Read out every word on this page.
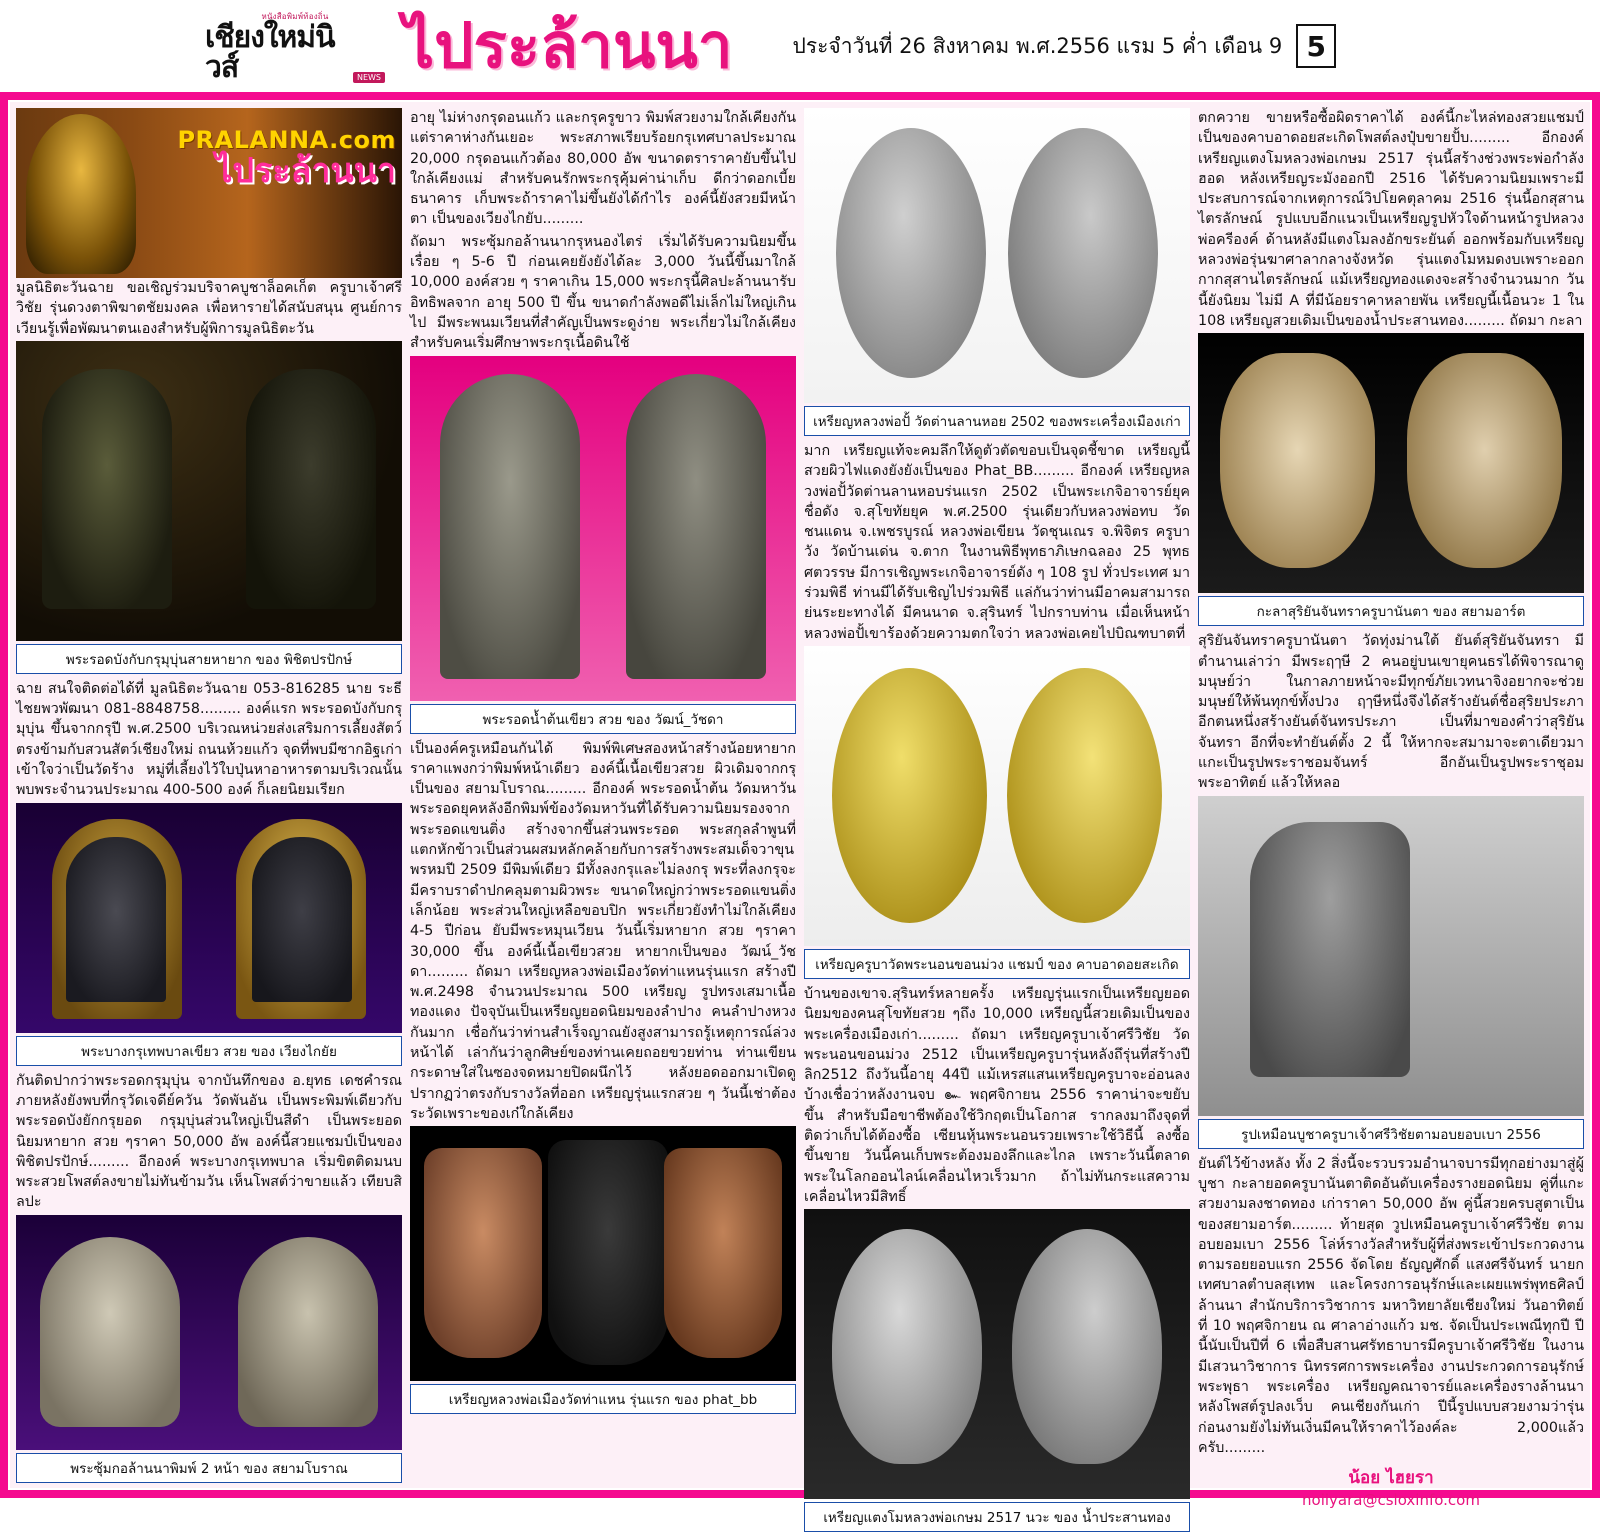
หนังสือพิมพ์ท้องถิ่น
เชียงใหม่นิวส์	NEWS ไประล้านนา	ประจำวันที่ 26 สิงหาคม พ.ศ.2556 แรม 5 ค่ำ เดือน 9 5
PRALANNA.com
ไประล้านนา

มูลนิธิตะวันฉาย ขอเชิญร่วมบริจาคบูชาล็อคเก็ต ครูบาเจ้าศรีวิชัย รุ่นดวงตาพิฆาตชัยมงคล เพื่อหารายได้สนับสนุน ศูนย์การเวียนรู้เพื่อพัฒนาตนเองสำหรับผู้พิการมูลนิธิตะวัน

พระรอดบังกับกรุมุบุ่นสายหายาก ของ พิชิตปรปักษ์

ฉาย สนใจติดต่อได้ที่ มูลนิธิตะวันฉาย 053-816285 นาย ระธี ไชยพวพัฒนา 081-8848758......... องค์แรก พระรอดบังกับกรุมุบุ่น ขึ้นจากกรุปี พ.ศ.2500 บริเวณหน่วยส่งเสริมการเลี้ยงสัตว์ ตรงข้ามกับสวนสัตว์เชียงใหม่ ถนนห้วยแก้ว จุดที่พบมีซากอิฐเก่าเข้าใจว่าเป็นวัดร้าง หมู่ที่เลี้ยงไว้ใบปุ่นหาอาหารตามบริเวณนั้นพบพระจำนวนประมาณ 400-500 องค์ ก็เลยนิยมเรียก

พระบางกรุเทพบาลเขียว สวย ของ เวียงไกยัย

กันติดปากว่าพระรอดกรุมุบุ่น จากบันทึกของ อ.ยุทธ เดชคำรณ ภายหลังยังพบที่กรุวัดเจดีย์ควัน วัดพันอัน เป็นพระพิมพ์เดียวกับพระรอดบังยักกรุยอด กรุมุบุ่นส่วนใหญ่เป็นสีดำ เป็นพระยอดนิยมหายาก สวย ๆราคา 50,000 อัพ องค์นี้สวยแชมป์เป็นของพิชิตปรปักษ์......... อีกองค์ พระบางกรุเทพบาล เริ่มขิตติดมนบพระสวยโพสต์ลงขายไม่ทันข้ามวัน เห็นโพสต์ว่าขายแล้ว เทียบสิลปะ

พระซุ้มกอล้านนาพิมพ์ 2 หน้า ของ สยามโบราณ

อายุ ไม่ห่างกรุดอนแก้ว และกรุครูขาว พิมพ์สวยงามใกล้เคียงกัน แต่ราคาห่างกันเยอะ พระสภาพเรียบร้อยกรุเทศบาลประมาณ 20,000 กรุดอนแก้วต้อง 80,000 อัพ ขนาดตราราคายับขึ้นไปใกล้เคียงแม่ สำหรับคนรักพระกรุคุ้มค่าน่าเก็บ ดีกว่าดอกเบี้ยธนาคาร เก็บพระถ้าราคาไม่ขึ้นยังได้กำไร องค์นี้ยังสวยมีหน้าตา เป็นของเวียงไกยับ.........

ถัดมา พระซุ้มกอล้านนากรุหนองไตร่ เริ่มได้รับความนิยมขึ้นเรื่อย ๆ 5-6 ปี ก่อนเคยยังยังได้ละ 3,000 วันนี้ขึ้นมาใกล้ 10,000 องค์สวย ๆ ราคาเกิน 15,000 พระกรุนี้ศิลปะล้านนารับอิทธิพลจาก อายุ 500 ปี ขึ้น ขนาดกำลังพอดีไม่เล็กไม่ใหญ่เกินไป มีพระพนมเวียนที่สำคัญเป็นพระดูง่าย พระเกี่ยวไม่ใกล้เคียง สำหรับคนเริ่มศึกษาพระกรุเนื้อดินใช้

พระรอดน้ำต้นเขียว สวย ของ วัฒน์_วัชดา

เป็นองค์ครูเหมือนกันได้ พิมพ์พิเศษสองหน้าสร้างน้อยหายาก ราคาแพงกว่าพิมพ์หน้าเดียว องค์นี้เนื้อเขียวสวย ผิวเดิมจากกรุเป็นของ สยามโบราณ......... อีกองค์ พระรอดน้ำต้น วัดมหาวัน พระรอดยุคหลังอีกพิมพ์ข้องวัดมหาวันที่ได้รับความนิยมรองจากพระรอดแขนติ่ง สร้างจากขึ้นส่วนพระรอด พระสกุลลำพูนที่แตกหักข้าวเป็นส่วนผสมหลักคล้ายกับการสร้างพระสมเด็จวาขุนพรหมปี 2509 มีพิมพ์เดียว มีทั้งลงกรุและไม่ลงกรุ พระที่ลงกรุจะมีคราบราดำปกคลุมตามผิวพระ ขนาดใหญ่กว่าพระรอดแขนติ่งเล็กน้อย พระส่วนใหญ่เหลือขอบปิก พระเกี่ยวยังทำไม่ใกล้เคียง 4-5 ปีก่อน ยับมีพระหมุนเวียน วันนี้เริ่มหายาก สวย ๆราคา 30,000 ขึ้น องค์นี้เนื้อเขียวสวย หายากเป็นของ วัฒน์_วัชดา......... ถัดมา เหรียญหลวงพ่อเมืองวัดท่าแหนรุ่นแรก สร้างปี พ.ศ.2498 จำนวนประมาณ 500 เหรียญ รูปทรงเสมาเนื้อทองแดง ปัจจุบันเป็นเหรียญยอดนิยมของลำปาง คนลำปางหวงกันมาก เชื่อกันว่าท่านสำเร็จญาณยังสูงสามารถรู้เหตุการณ์ล่วงหน้าได้ เล่ากันว่าลูกศิษย์ของท่านเคยถอยขวยท่าน ท่านเขียนกระดาษใส่ในซองจดหมายปิดผนึกไว้ หลังยอดออกมาเปิดดูปรากฏว่าตรงกับรางวัลที่ออก เหรียญรุ่นแรกสวย ๆ วันนี้เช่าต้องระวัดเพราะของเก๋ใกล้เคียง

เหรียญหลวงพ่อเมืองวัดท่าแหน รุ่นแรก ของ phat_bb

เหรียญหลวงพ่อปั้ วัดต่านลานหอย 2502 ของพระเครื่องเมืองเก่า

มาก เหรียญแท้จะคมลึกให้ดูตัวตัดขอบเป็นจุดชี้ขาด เหรียญนี้สวยผิวไฟแดงยังยังเป็นของ Phat_BB......... อีกองค์ เหรียญหลวงพ่อปั้วัดต่านลานหอบร่นแรก 2502 เป็นพระเกจิอาจารย์ยุค ชื่อดัง จ.สุโขทัยยุค พ.ศ.2500 รุ่นเดียวกับหลวงพ่อทบ วัดชนแดน จ.เพชรบูรณ์ หลวงพ่อเขียน วัดชุนเณร จ.พิจิตร ครูบาวัง วัดบ้านเด่น จ.ตาก ในงานพิธีพุทธาภิเษกฉลอง 25 พุทธศตวรรษ มีการเชิญพระเกจิอาจารย์ดัง ๆ 108 รูป ทั่วประเทศ มาร่วมพิธี ท่านมีได้รับเชิญไปร่วมพิธี แล่กันว่าท่านมีอาคมสามารถย่นระยะทางได้ มีคนนาด จ.สุรินทร์ ไปกราบท่าน เมื่อเห็นหน้าหลวงพ่อปั้เขาร้องด้วยความตกใจว่า หลวงพ่อเคยไปบิณฑบาตที่

เหรียญครูบาวัดพระนอนขอนม่วง แชมป์ ของ คาบอาดอยสะเกิด

บ้านของเขาจ.สุรินทร์หลายครั้ง เหรียญรุ่นแรกเป็นเหรียญยอดนิยมของคนสุโขทัยสวย ๆถึง 10,000 เหรียญนี้สวยเดิมเป็นของพระเครื่องเมืองเก่า......... ถัดมา เหรียญครูบาเจ้าศรีวิชัย วัดพระนอนขอนม่วง 2512 เป็นเหรียญครูบารุ่นหลังถึรุ่นที่สร้างปีลิก2512 ถึงวันนี้อายุ 44ปี แม้เหรสแสนเหรียญครูบาจะอ่อนลงบ้างเชื่อว่าหลังงานจบ ๛ พฤศจิกายน 2556 ราคาน่าจะขยับขึ้น สำหรับมือขาชีพต้องใช้วิกฤตเป็นโอกาส รากลงมาถึงจุดที่ติดว่าเก็บได้ต้องซื้อ เซียนหุ้นพระนอนรวยเพราะใช้วิธีนี้ ลงซื้อ ขึ้นขาย วันนี้คนเก็บพระต้องมองลึกและไกล เพราะวันนี้ตลาดพระในโลกออนไลน์เคลื่อนไหวเร็วมาก ถ้าไม่ทันกระแสความเคลื่อนไหวมีสิทธิ์

เหรียญแตงโมหลวงพ่อเกษม 2517 นวะ ของ น้ำประสานทอง

ตกควาย ขายหรือซื้อผิดราคาได้ องค์นี้กะไหล่ทองสวยแชมป์เป็นของคาบอาดอยสะเกิดโพสต์ลงปุ๋บขายปั้บ......... อีกองค์ เหรียญแตงโมหลวงพ่อเกษม 2517 รุ่นนี้สร้างช่วงพระพ่อกำลังฮอด หลังเหรียญระมังออกปี 2516 ได้รับความนิยมเพราะมีประสบการณ์จากเหตุการณ์วิปโยคตุลาคม 2516 รุ่นนี้อกสุสานไตรลักษณ์ รูปแบบอีกแนวเป็นเหรียญรูปหัวใจด้านหน้ารูปหลวงพ่อครีองค์ ด้านหลังมีแตงโมลงอักขระยันต์ ออกพร้อมกับเหรียญหลวงพ่อรุ่นฆาศาลากลางจังหวัด รุ่นแตงโมหมดงบเพราะออกกากสุสานไตรลักษณ์ แม้เหรียญทองแดงจะสร้างจำนวนมาก วันนี้ยังนิยม ไม่มี A ที่มีน้อยราคาหลายพัน เหรียญนี้เนื้อนวะ 1 ใน 108 เหรียญสวยเดิมเป็นของน้ำประสานทอง......... ถัดมา กะลา

กะลาสุริยันจันทราครูบานันตา ของ สยามอาร์ต

สุริยันจันทราครูบานันตา วัดทุ่งม่านใต้ ยันต์สุริยันจันทรา มีตำนานเล่าว่า มีพระฤๅษี 2 คนอยู่บนเขายุคนธรได้พิจารณาดูมนุษย์ว่า ในกาลภายหน้าจะมีทุกข์ภัยเวทนาจิงอยากจะช่วยมนุษย์ให้พ้นทุกข์ทั้งปวง ฤๅษีหนึ่งจึงได้สร้างยันต์ชื่อสุริยประภา อีกตนหนึ่งสร้างยันต์จันทรประภา เป็นที่มาของคำว่าสุริยันจันทรา อีกที่จะทำยันต์ตั้ง 2 นี้ ให้หากจะสมามาจะตาเดียวมาแกะเป็นรูปพระราชอมจันทร์ อีกอันเป็นรูปพระราชุอมพระอาทิตย์ แล้วให้หลอ

รูปเหมือนบูชาครูบาเจ้าศรีวิชัยตามอบยอบเบา 2556

ยันต์ไว้ข้างหลัง ทั้ง 2 สิ่งนี้จะรวบรวมอำนาจบารมีทุกอย่างมาสู่ผู้บูชา กะลายอดครูบานันตาติดอันดับเครื่องรางยอดนิยม คู่ที่แกะสวยงามลงชาดทอง เก่าราคา 50,000 อัพ คู่นี้สวยครบสูตาเป็นของสยามอาร์ต......... ท้ายสุด วูปเหมือนครูบาเจ้าศรีวิชัย ตามอบยอมเบา 2556 โล่ห์รางวัลสำหรับผู้ที่ส่งพระเข้าประกวดงานตามรอยยอบแรก 2556 จัดโดย ธัญญศักดิ์ แสงศรีจันทร์ นายกเทศบาลตำบลสุเทพ และโครงการอนุรักษ์และเผยแพร่พุทธศิลป์ล้านนา สำนักบริการวิชาการ มหาวิทยาลัยเชียงใหม่ วันอาทิตย์ที่ 10 พฤศจิกายน ณ ศาลาอ่างแก้ว มช. จัดเป็นประเพณีทุกปี ปีนี้นับเป็นปีที่ 6 เพื่อสืบสานศรัทธาบารมีครูบาเจ้าศรีวิชัย ในงานมีเสวนาวิชาการ นิทรรศการพระเครื่อง งานประกวดการอนุรักษ์พระพุธา พระเครื่อง เหรียญคณาจารย์และเครื่องรางล้านนา หลังโพสต์รูปลงเว็บ คนเชียงกันเก่า ปีนี้รูปแบบสวยงามว่ารุ่นก่อนงามยังไม่ทันเงิ่นมีคนให้ราคาไว้องค์ละ 2,000แล้วครับ.........

น้อย ไฮยรา
noiiyara@csloxinfo.com
